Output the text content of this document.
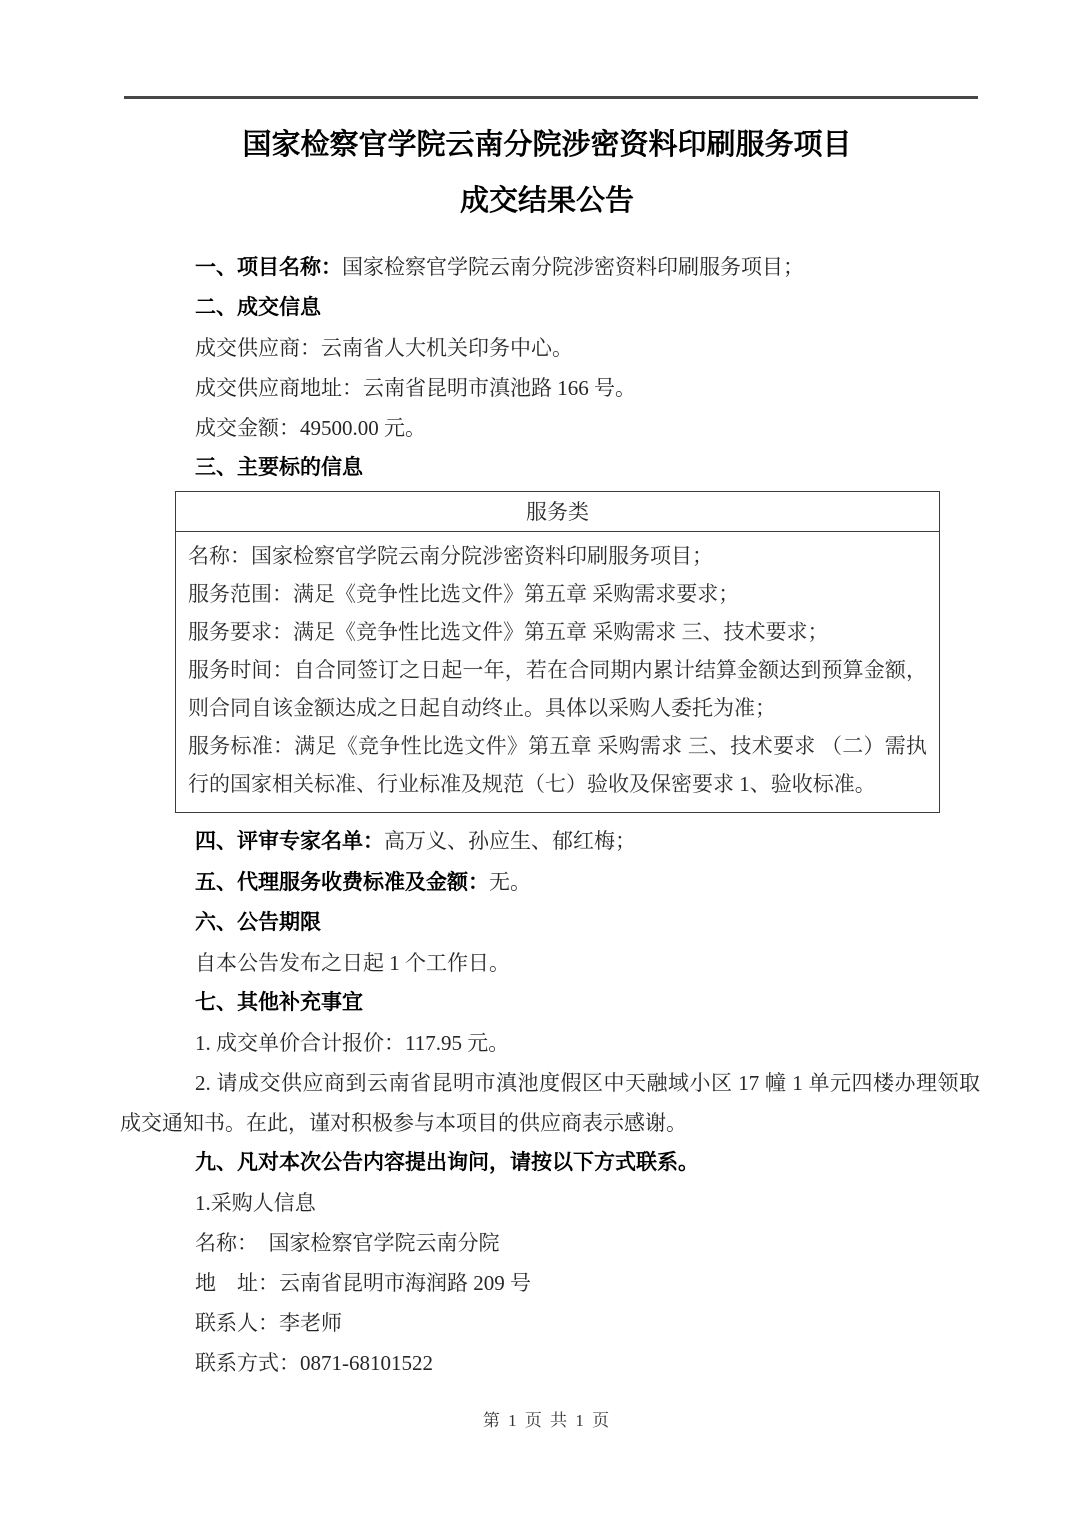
国家检察官学院云南分院涉密资料印刷服务项目
成交结果公告

一、项目名称：国家检察官学院云南分院涉密资料印刷服务项目；

二、成交信息

成交供应商：云南省人大机关印务中心。

成交供应商地址：云南省昆明市滇池路 166 号。

成交金额：49500.00 元。

三、主要标的信息

服务类

名称：国家检察官学院云南分院涉密资料印刷服务项目；

服务范围：满足《竞争性比选文件》第五章 采购需求要求；

服务要求：满足《竞争性比选文件》第五章 采购需求 三、技术要求；

服务时间：自合同签订之日起一年，若在合同期内累计结算金额达到预算金额，则合同自该金额达成之日起自动终止。具体以采购人委托为准；

服务标准：满足《竞争性比选文件》第五章 采购需求 三、技术要求 （二）需执行的国家相关标准、行业标准及规范（七）验收及保密要求 1、验收标准。

四、评审专家名单：高万义、孙应生、郁红梅；

五、代理服务收费标准及金额：无。

六、公告期限

自本公告发布之日起 1 个工作日。

七、其他补充事宜

1. 成交单价合计报价：117.95 元。

2. 请成交供应商到云南省昆明市滇池度假区中天融域小区 17 幢 1 单元四楼办理领取成交通知书。在此，谨对积极参与本项目的供应商表示感谢。

九、凡对本次公告内容提出询问，请按以下方式联系。

1.采购人信息

名称：　国家检察官学院云南分院

地　址：云南省昆明市海润路 209 号

联系人：李老师

联系方式：0871-68101522

第 1 页 共 1 页
